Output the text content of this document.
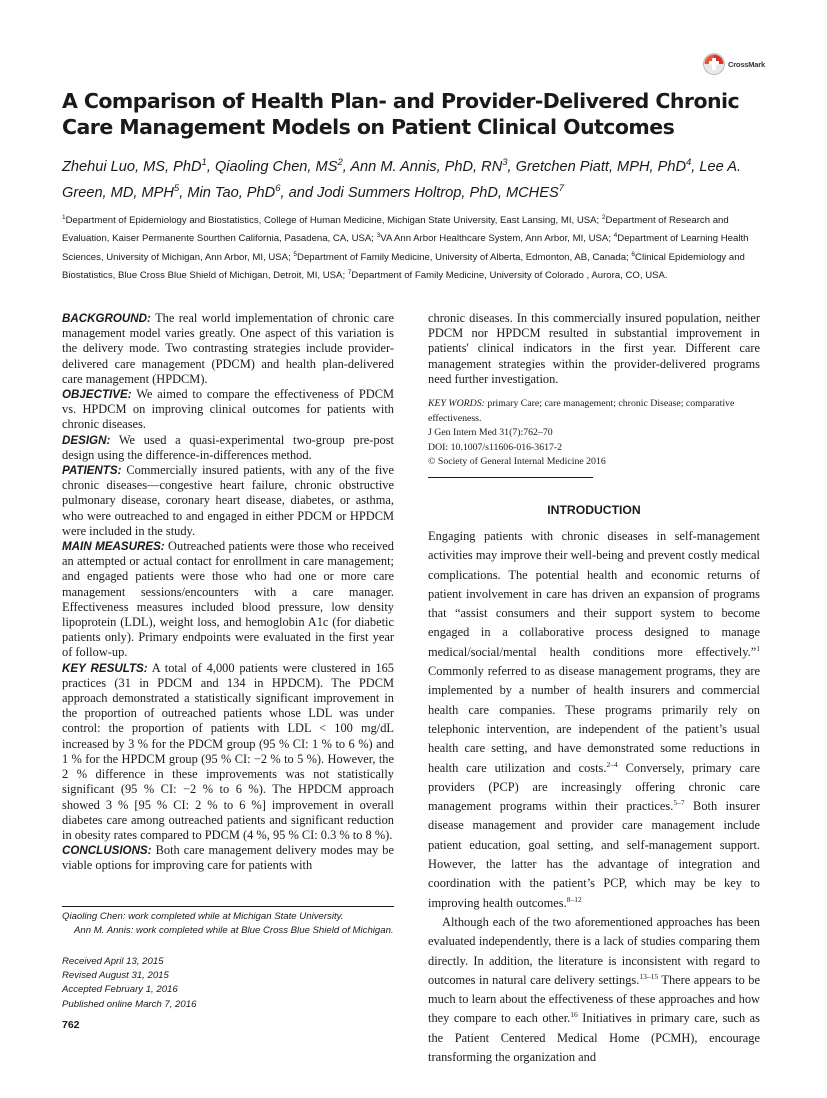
CrossMark
A Comparison of Health Plan- and Provider-Delivered Chronic Care Management Models on Patient Clinical Outcomes
Zhehui Luo, MS, PhD$^1$, Qiaoling Chen, $MS^2$, Ann M. Annis, PhD, $RN^3$, Gretchen Piatt, MPH, PhD$^4$, Lee A. Green, MD, MPH$^5$, Min Tao, PhD$^6$, and Jodi Summers Holtrop, PhD, MCHES$^7$
$^1$Department of Epidemiology and Biostatistics, College of Human Medicine, Michigan State University, East Lansing, MI, USA; $^2$Department of Research and Evaluation, Kaiser Permanente Sourthen California, Pasadena, CA, USA; $^3$VA Ann Arbor Healthcare System, Ann Arbor, MI, USA; $^4$Department of Learning Health Sciences, University of Michigan, Ann Arbor, MI, USA; $^5$Department of Family Medicine, University of Alberta, Edmonton, AB, Canada; $^6$Clinical Epidemiology and Biostatistics, Blue Cross Blue Shield of Michigan, Detroit, MI, USA; $^7$Department of Family Medicine, University of Colorado , Aurora, CO, USA.

BACKGROUND: The real world implementation of chronic care management model varies greatly. One aspect of this variation is the delivery mode. Two contrasting strategies include provider-delivered care management (PDCM) and health plan-delivered care management (HPDCM).

OBJECTIVE: We aimed to compare the effectiveness of PDCM vs. HPDCM on improving clinical outcomes for patients with chronic diseases.

DESIGN: We used a quasi-experimental two-group pre-post design using the difference-in-differences method.

PATIENTS: Commercially insured patients, with any of the five chronic diseases—congestive heart failure, chronic obstructive pulmonary disease, coronary heart disease, diabetes, or asthma, who were outreached to and engaged in either PDCM or HPDCM were included in the study.

MAIN MEASURES: Outreached patients were those who received an attempted or actual contact for enrollment in care management; and engaged patients were those who had one or more care management sessions/encounters with a care manager. Effectiveness measures included blood pressure, low density lipoprotein (LDL), weight loss, and hemoglobin A1c (for diabetic patients only). Primary endpoints were evaluated in the first year of follow-up.

KEY RESULTS: A total of 4,000 patients were clustered in 165 practices (31 in PDCM and 134 in HPDCM). The PDCM approach demonstrated a statistically significant improvement in the proportion of outreached patients whose LDL was under control: the proportion of patients with LDL < 100 mg/dL increased by 3 % for the PDCM group (95 % CI: 1 % to 6 %) and 1 % for the HPDCM group (95 % CI: −2 % to 5 %). However, the 2 % difference in these improvements was not statistically significant (95 % CI: −2 % to 6 %). The HPDCM approach showed 3 % [95 % CI: 2 % to 6 %] improvement in overall diabetes care among outreached patients and significant reduction in obesity rates compared to PDCM (4 %, 95 % CI: 0.3 % to 8 %).

CONCLUSIONS: Both care management delivery modes may be viable options for improving care for patients with

chronic diseases. In this commercially insured population, neither PDCM nor HPDCM resulted in substantial improvement in patients' clinical indicators in the first year. Different care management strategies within the provider-delivered programs need further investigation.

KEY WORDS: primary Care; care management; chronic Disease; comparative effectiveness.
J Gen Intern Med 31(7):762–70
DOI: 10.1007/s11606-016-3617-2
© Society of General Internal Medicine 2016
INTRODUCTION

Engaging patients with chronic diseases in self-management activities may improve their well-being and prevent costly medical complications. The potential health and economic returns of patient involvement in care has driven an expansion of programs that “assist consumers and their support system to become engaged in a collaborative process designed to manage medical/social/mental health conditions more effectively.”$^1$ Commonly referred to as disease management programs, they are implemented by a number of health insurers and commercial health care companies. These programs primarily rely on telephonic intervention, are independent of the patient’s usual health care setting, and have demonstrated some reductions in health care utilization and costs.$^{2-4}$ Conversely, primary care providers (PCP) are increasingly offering chronic care management programs within their practices.$^{5-7}$ Both insurer disease management and provider care management include patient education, goal setting, and self-management support. However, the latter has the advantage of integration and coordination with the patient’s PCP, which may be key to improving health outcomes.$^{8-12}$

Although each of the two aforementioned approaches has been evaluated independently, there is a lack of studies comparing them directly. In addition, the literature is inconsistent with regard to outcomes in natural care delivery settings.$^{13-15}$ There appears to be much to learn about the effectiveness of these approaches and how they compare to each other.$^{16}$ Initiatives in primary care, such as the Patient Centered Medical Home (PCMH), encourage transforming the organization and

Qiaoling Chen: work completed while at Michigan State University.

Ann M. Annis: work completed while at Blue Cross Blue Shield of Michigan.

Received April 13, 2015
Revised August 31, 2015
Accepted February 1, 2016
Published online March 7, 2016
762
